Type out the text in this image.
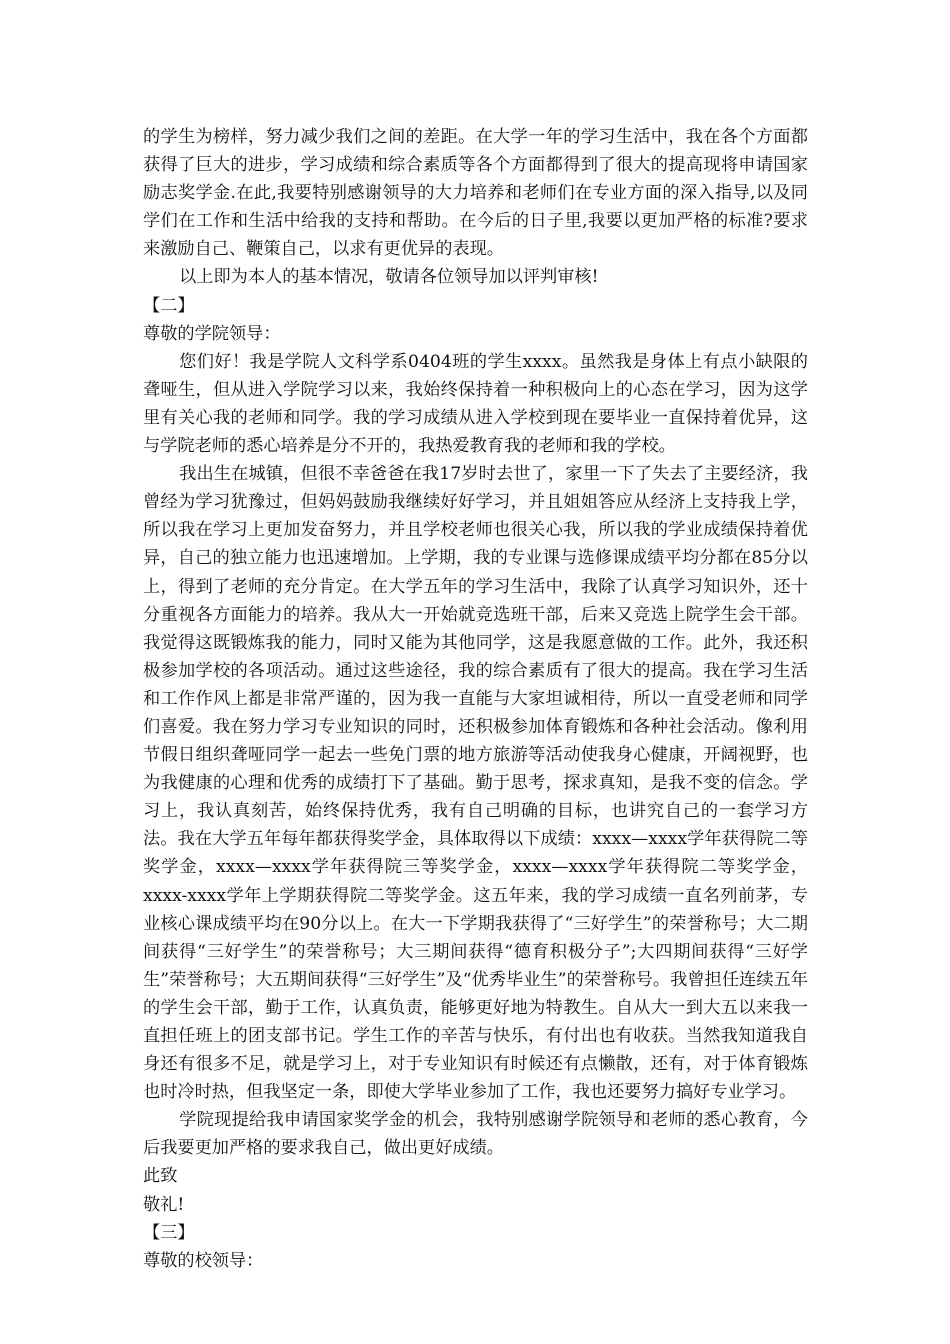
的学生为榜样，努力减少我们之间的差距。在大学一年的学习生活中，我在各个方面都获得了巨大的进步，学习成绩和综合素质等各个方面都得到了很大的提高现将申请国家励志奖学金.在此,我要特别感谢领导的大力培养和老师们在专业方面的深入指导,以及同学们在工作和生活中给我的支持和帮助。在今后的日子里,我要以更加严格的标准?要求来激励自己、鞭策自己，以求有更优异的表现。

以上即为本人的基本情况，敬请各位领导加以评判审核!

【二】

尊敬的学院领导：

您们好！我是学院人文科学系0404班的学生xxxx。虽然我是身体上有点小缺限的聋哑生，但从进入学院学习以来，我始终保持着一种积极向上的心态在学习，因为这学里有关心我的老师和同学。我的学习成绩从进入学校到现在要毕业一直保持着优异，这与学院老师的悉心培养是分不开的，我热爱教育我的老师和我的学校。

我出生在城镇，但很不幸爸爸在我17岁时去世了，家里一下了失去了主要经济，我曾经为学习犹豫过，但妈妈鼓励我继续好好学习，并且姐姐答应从经济上支持我上学，所以我在学习上更加发奋努力，并且学校老师也很关心我，所以我的学业成绩保持着优异，自己的独立能力也迅速增加。上学期，我的专业课与选修课成绩平均分都在85分以上，得到了老师的充分肯定。在大学五年的学习生活中，我除了认真学习知识外，还十分重视各方面能力的培养。我从大一开始就竞选班干部，后来又竞选上院学生会干部。我觉得这既锻炼我的能力，同时又能为其他同学，这是我愿意做的工作。此外，我还积极参加学校的各项活动。通过这些途径，我的综合素质有了很大的提高。我在学习生活和工作作风上都是非常严谨的，因为我一直能与大家坦诚相待，所以一直受老师和同学们喜爱。我在努力学习专业知识的同时，还积极参加体育锻炼和各种社会活动。像利用节假日组织聋哑同学一起去一些免门票的地方旅游等活动使我身心健康，开阔视野，也为我健康的心理和优秀的成绩打下了基础。勤于思考，探求真知，是我不变的信念。学习上，我认真刻苦，始终保持优秀，我有自己明确的目标，也讲究自己的一套学习方法。我在大学五年每年都获得奖学金，具体取得以下成绩：xxxx—xxxx学年获得院二等奖学金，xxxx—xxxx学年获得院三等奖学金，xxxx—xxxx学年获得院二等奖学金，xxxx-xxxx学年上学期获得院二等奖学金。这五年来，我的学习成绩一直名列前茅，专业核心课成绩平均在90分以上。在大一下学期我获得了“三好学生”的荣誉称号；大二期间获得“三好学生”的荣誉称号；大三期间获得“德育积极分子”;大四期间获得“三好学生”荣誉称号；大五期间获得“三好学生”及“优秀毕业生”的荣誉称号。我曾担任连续五年的学生会干部，勤于工作，认真负责，能够更好地为特教生。自从大一到大五以来我一直担任班上的团支部书记。学生工作的辛苦与快乐，有付出也有收获。当然我知道我自身还有很多不足，就是学习上，对于专业知识有时候还有点懒散，还有，对于体育锻炼也时冷时热，但我坚定一条，即使大学毕业参加了工作，我也还要努力搞好专业学习。

学院现提给我申请国家奖学金的机会，我特别感谢学院领导和老师的悉心教育，今后我要更加严格的要求我自己，做出更好成绩。

此致

敬礼!

【三】

尊敬的校领导：
